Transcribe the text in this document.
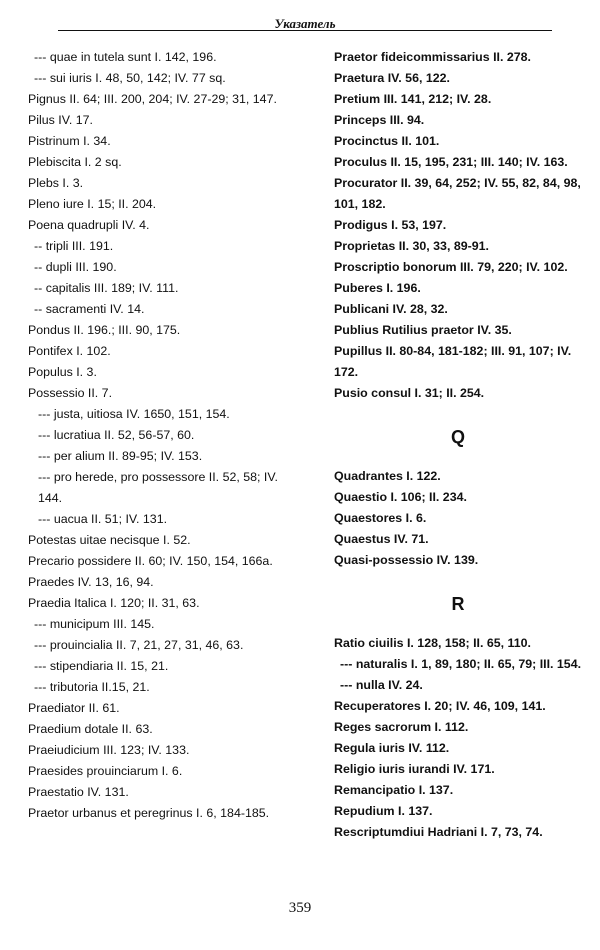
$_{Указатель}$

--- quae in tutela sunt I. 142, 196.

--- sui iuris I. 48, 50, 142; IV. 77 sq.

Pignus II. 64; III. 200, 204; IV. 27-29; 31, 147.

Pilus IV. 17.

Pistrinum I. 34.

Plebiscita I. 2 sq.

Plebs I. 3.

Pleno iure I. 15; II. 204.

Poena quadrupli IV. 4.

-- tripli III. 191.

-- dupli III. 190.

-- capitalis III. 189; IV. 111.

-- sacramenti IV. 14.

Pondus II. 196.; III. 90, 175.

Pontifex I. 102.

Populus I. 3.

Possessio II. 7.

--- justa, uitiosa IV. 1650, 151, 154.

--- lucratiua II. 52, 56-57, 60.

--- per alium II. 89-95; IV. 153.

--- pro herede, pro possessore II. 52, 58; IV. 144.

--- uacua II. 51; IV. 131.

Potestas uitae necisque I. 52.

Precario possidere II. 60; IV. 150, 154, 166a.

Praedes IV. 13, 16, 94.

Praedia Italica I. 120; II. 31, 63.

--- municipum III. 145.

--- prouincialia II. 7, 21, 27, 31, 46, 63.

--- stipendiaria II. 15, 21.

--- tributoria II.15, 21.

Praediator II. 61.

Praedium dotale II. 63.

Praeiudicium III. 123; IV. 133.

Praesides prouinciarum I. 6.

Praestatio IV. 131.

Praetor urbanus et peregrinus I. 6, 184-185.

Praetor fideicommissarius II. 278.

Praetura IV. 56, 122.

Pretium III. 141, 212; IV. 28.

Princeps III. 94.

Procinctus II. 101.

Proculus II. 15, 195, 231; III. 140; IV. 163.

Procurator II. 39, 64, 252; IV. 55, 82, 84, 98, 101, 182.

Prodigus I. 53, 197.

Proprietas II. 30, 33, 89-91.

Proscriptio bonorum III. 79, 220; IV. 102.

Puberes I. 196.

Publicani IV. 28, 32.

Publius Rutilius praetor IV. 35.

Pupillus II. 80-84, 181-182; III. 91, 107; IV. 172.

Pusio consul I. 31; II. 254.

Q

Quadrantes I. 122.

Quaestio I. 106; II. 234.

Quaestores I. 6.

Quaestus IV. 71.

Quasi-possessio IV. 139.

R

Ratio ciuilis I. 128, 158; II. 65, 110.

--- naturalis I. 1, 89, 180; II. 65, 79; III. 154.

--- nulla IV. 24.

Recuperatores I. 20; IV. 46, 109, 141.

Reges sacrorum I. 112.

Regula iuris IV. 112.

Religio iuris iurandi IV. 171.

Remancipatio I. 137.

Repudium I. 137.

Rescriptumdiui Hadriani I. 7, 73, 74.

359
